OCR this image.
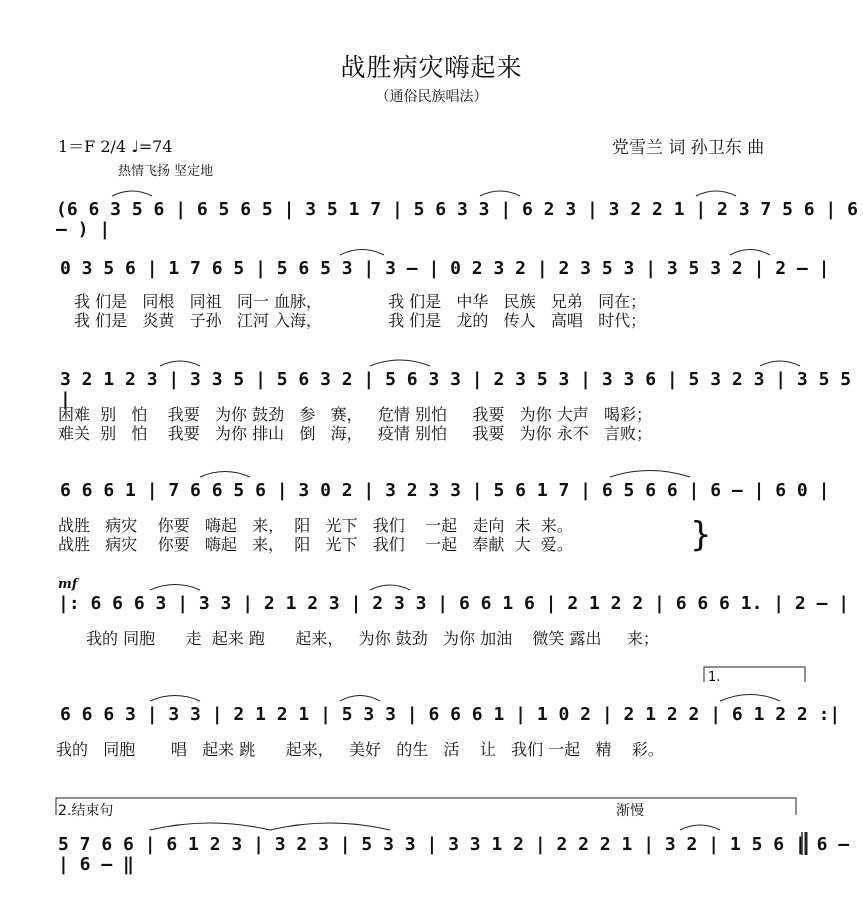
战胜病灾嗨起来
（通俗民族唱法）
1＝F 2/4 ♩=74	党雪兰 词 孙卫东 曲
热情飞扬 坚定地
(6 6 3 5 6 | 6 5 6 5 | 3 5 1 7 | 5 6 3 3 | 6 2 3 | 3 2 2 1 | 2 3 7 5 6 | 6 – ) |
0 3 5 6 | 1 7 6 5 | 5 6 5 3 | 3 – | 0 2 3 2 | 2 3 5 3 | 3 5 3 2 | 2 – |
我 们是   同根   同祖   同一 血脉，             我 们是   中华   民族   兄弟   同在；
我 们是   炎黄   子孙   江河 入海，             我 们是   龙的   传人   高唱   时代；
3 2 1 2 3 | 3 3 5 | 5 6 3 2 | 5 6 3 3 | 2 3 5 3 | 3 3 6 | 5 3 2 3 | 3 5 5 |
困难  别   怕    我要   为你 鼓劲   参   赛，   危情 别怕     我要   为你 大声   喝彩；
难关  别   怕    我要   为你 排山   倒   海，   疫情 别怕     我要   为你 永不   言败；
6 6 6 1 | 7 6 6 5 6 | 3 0 2 | 3 2 3 3 | 5 6 1 7 | 6 5 6 6 | 6 – | 6 0 |
战胜   病灾    你要   嗨起   来，  阳   光下   我们    一起   走向  未  来。
战胜   病灾    你要   嗨起   来，  阳   光下   我们    一起   奉献  大  爱。	}
mf
|: 6 6 6 3 | 3 3 | 2 1 2 3 | 2 3 3 | 6 6 1 6 | 2 1 2 2 | 6 6 6 1. | 2 – |
我的 同胞      走  起来 跑      起来，   为你 鼓劲   为你 加油    微笑 露出     来；
1.
6 6 6 3 | 3 3 | 2 1 2 1 | 5 3 3 | 6 6 6 1 | 1 0 2 | 2 1 2 2 | 6 1 2 2 :|
我的   同胞       唱   起来 跳      起来，   美好   的生   活    让   我们 一起   精    彩。
2.结束句	渐慢
5 7 6 6 | 6 1 2 3 | 3 2 3 | 5 3 3 | 3 3 1 2 | 2 2 2 1 | 3 2 | 1 5 6 | 6 – | 6 – ‖
